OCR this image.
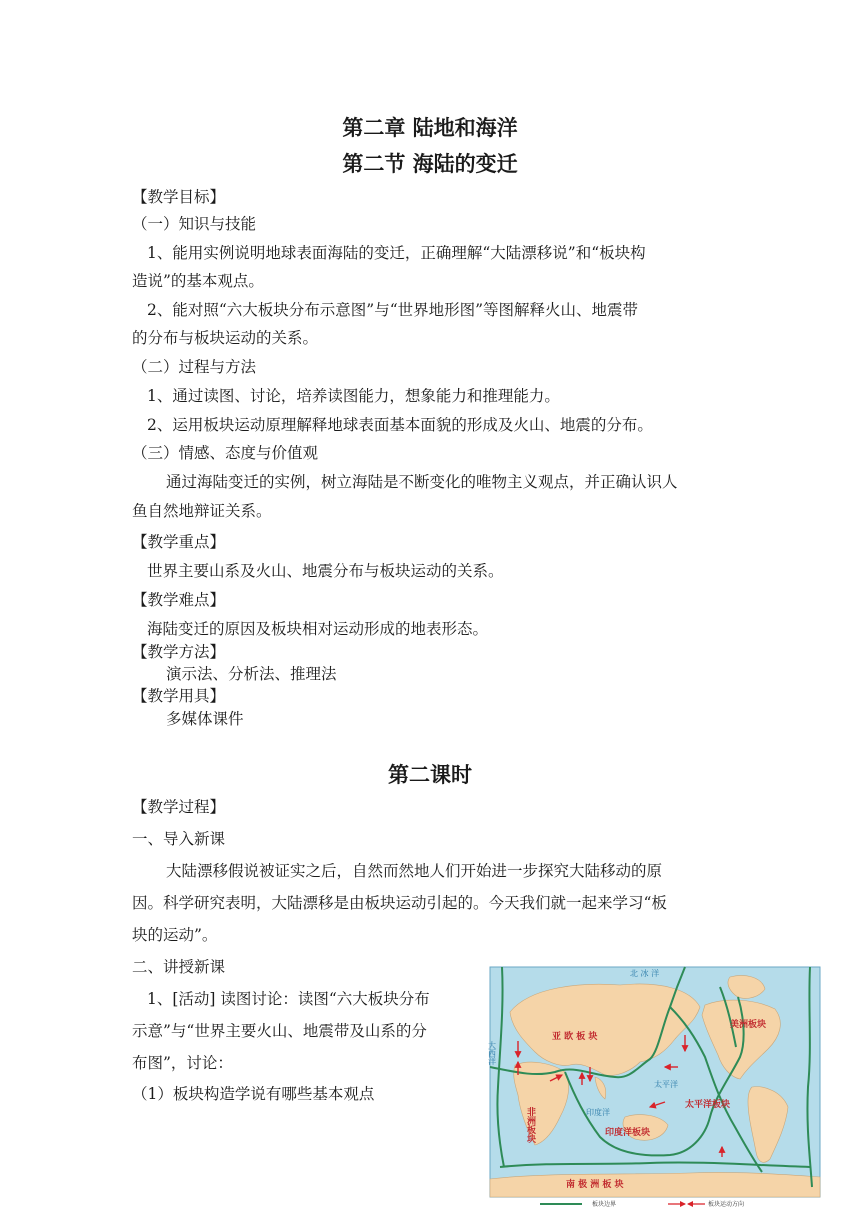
第二章 陆地和海洋
第二节 海陆的变迁
【教学目标】
（一）知识与技能
1、能用实例说明地球表面海陆的变迁，正确理解“大陆漂移说”和“板块构
造说”的基本观点。
2、能对照“六大板块分布示意图”与“世界地形图”等图解释火山、地震带
的分布与板块运动的关系。
（二）过程与方法
1、通过读图、讨论，培养读图能力，想象能力和推理能力。
2、运用板块运动原理解释地球表面基本面貌的形成及火山、地震的分布。
（三）情感、态度与价值观
通过海陆变迁的实例，树立海陆是不断变化的唯物主义观点，并正确认识人
鱼自然地辩证关系。
【教学重点】
世界主要山系及火山、地震分布与板块运动的关系。
【教学难点】
海陆变迁的原因及板块相对运动形成的地表形态。
【教学方法】
演示法、分析法、推理法
【教学用具】
多媒体课件
第二课时
【教学过程】
一、导入新课
大陆漂移假说被证实之后，自然而然地人们开始进一步探究大陆移动的原
因。科学研究表明，大陆漂移是由板块运动引起的。今天我们就一起来学习“板
块的运动”。
二、讲授新课
1、[活动] 读图讨论：读图“六大板块分布
示意”与“世界主要火山、地震带及山系的分
布图”，讨论：
（1）板块构造学说有哪些基本观点
亚 欧 板 块
非洲板块	印度洋板块
太平洋板块
美洲板块
南 极 洲 板 块
北 冰 洋
大西洋
太平洋
印度洋
板块边界	板块运动方向
